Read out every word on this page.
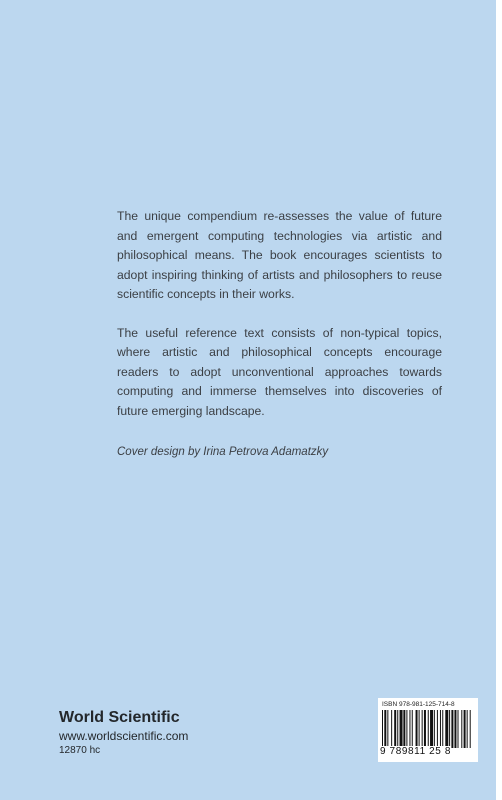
The unique compendium re-assesses the value of future and emergent computing technologies via artistic and philosophical means. The book encourages scientists to adopt inspiring thinking of artists and philosophers to reuse scientific concepts in their works.

The useful reference text consists of non-typical topics, where artistic and philosophical concepts encourage readers to adopt unconventional approaches towards computing and immerse themselves into discoveries of future emerging landscape.

Cover design by Irina Petrova Adamatzky
World Scientific
www.worldscientific.com
12870 hc
ISBN 978-981-125-714-8
9 789811 25 8
